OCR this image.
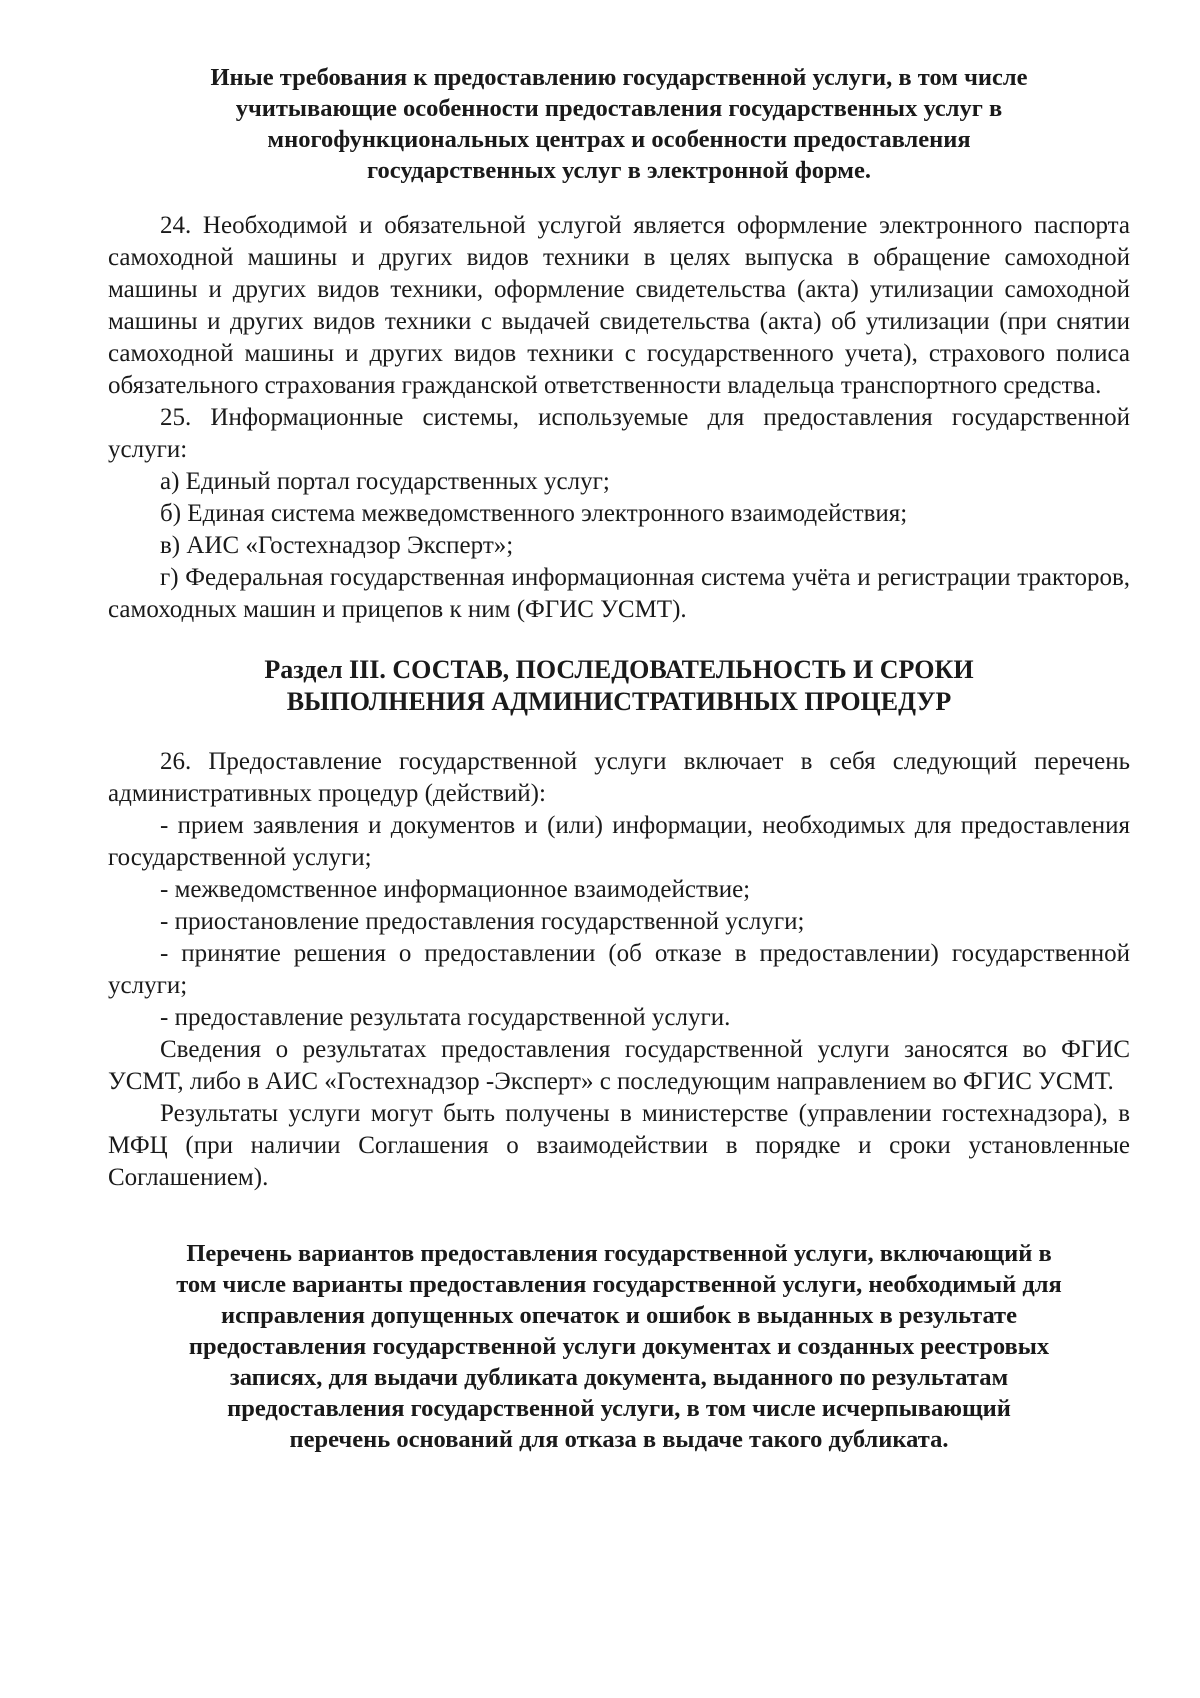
Иные требования к предоставлению государственной услуги, в том числе
учитывающие особенности предоставления государственных услуг в
многофункциональных центрах и особенности предоставления
государственных услуг в электронной форме.

24. Необходимой и обязательной услугой является оформление электронного паспорта самоходной машины и других видов техники в целях выпуска в обращение самоходной машины и других видов техники, оформление свидетельства (акта) утилизации самоходной машины и других видов техники с выдачей свидетельства (акта) об утилизации (при снятии самоходной машины и других видов техники с государственного учета), страхового полиса обязательного страхования гражданской ответственности владельца транспортного средства.

25. Информационные системы, используемые для предоставления государственной услуги:

а) Единый портал государственных услуг;

б) Единая система межведомственного электронного взаимодействия;

в) АИС «Гостехнадзор Эксперт»;

г) Федеральная государственная информационная система учёта и регистрации тракторов, самоходных машин и прицепов к ним (ФГИС УСМТ).

Раздел III. СОСТАВ, ПОСЛЕДОВАТЕЛЬНОСТЬ И СРОКИ
ВЫПОЛНЕНИЯ АДМИНИСТРАТИВНЫХ ПРОЦЕДУР

26. Предоставление государственной услуги включает в себя следующий перечень административных процедур (действий):

- прием заявления и документов и (или) информации, необходимых для предоставления государственной услуги;

- межведомственное информационное взаимодействие;

- приостановление предоставления государственной услуги;

- принятие решения о предоставлении (об отказе в предоставлении) государственной услуги;

- предоставление результата государственной услуги.

Сведения о результатах предоставления государственной услуги заносятся во ФГИС УСМТ, либо в АИС «Гостехнадзор -Эксперт» с последующим направлением во ФГИС УСМТ.

Результаты услуги могут быть получены в министерстве (управлении гостехнадзора), в МФЦ (при наличии Соглашения о взаимодействии в порядке и сроки установленные Соглашением).

Перечень вариантов предоставления государственной услуги, включающий в
том числе варианты предоставления государственной услуги, необходимый для
исправления допущенных опечаток и ошибок в выданных в результате
предоставления государственной услуги документах и созданных реестровых
записях, для выдачи дубликата документа, выданного по результатам
предоставления государственной услуги, в том числе исчерпывающий
перечень оснований для отказа в выдаче такого дубликата.
